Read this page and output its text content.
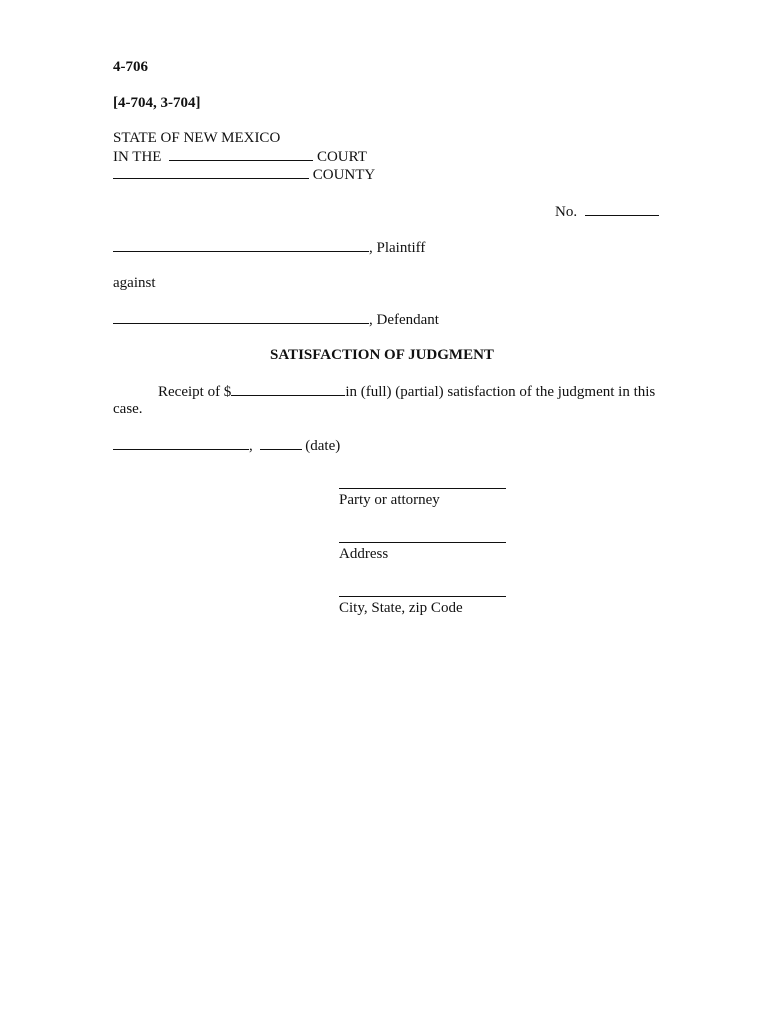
4-706
[4-704, 3-704]
STATE OF NEW MEXICO
IN THE	COURT
COUNTY
No.
, Plaintiff
against
, Defendant
SATISFACTION OF JUDGMENT
Receipt of $	in (full) (partial) satisfaction of the judgment in this
case.
,	(date)
Party or attorney
Address
City, State, zip Code
